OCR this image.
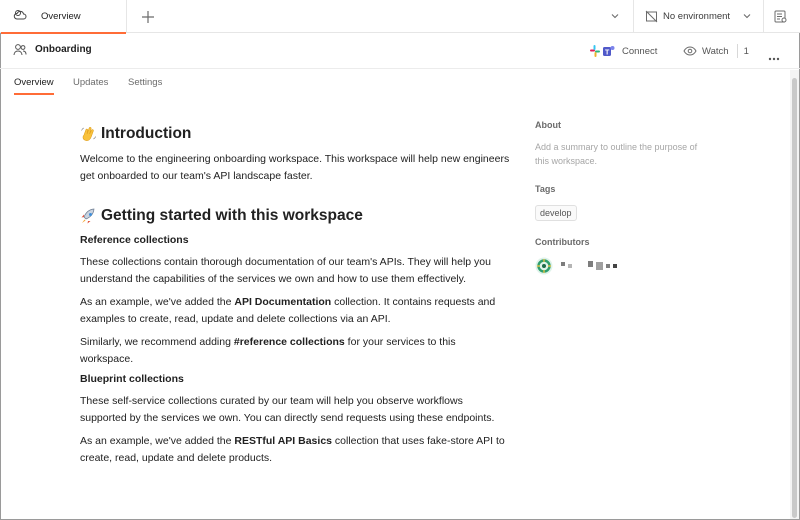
Overview	No environment
Onboarding	T Connect	Watch 1
Overview Updates Settings
Introduction

Welcome to the engineering onboarding workspace. This workspace will help new engineers get onboarded to our team's API landscape faster.

Getting started with this workspace
Reference collections

These collections contain thorough documentation of our team's APIs. They will help you understand the capabilities of the services we own and how to use them effectively.

As an example, we've added the API Documentation collection. It contains requests and examples to create, read, update and delete collections via an API.

Similarly, we recommend adding #reference collections for your services to this workspace.

Blueprint collections

These self-service collections curated by our team will help you observe workflows supported by the services we own. You can directly send requests using these endpoints.

As an example, we've added the RESTful API Basics collection that uses fake-store API to create, read, update and delete products.

About
Add a summary to outline the purpose of this workspace.
Tags
develop
Contributors
